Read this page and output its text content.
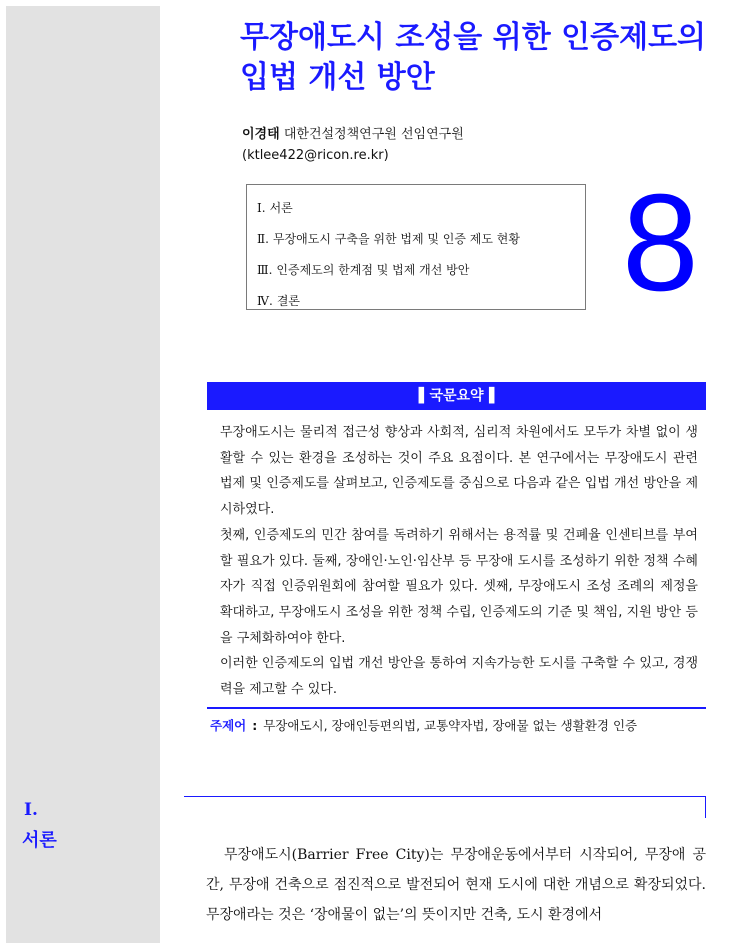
Ⅰ.
서론
무장애도시 조성을 위한 인증제도의 입법 개선 방안
이경태 대한건설정책연구원 선임연구원
(ktlee422@ricon.re.kr)
Ⅰ. 서론
Ⅱ. 무장애도시 구축을 위한 법제 및 인증 제도 현황
Ⅲ. 인증제도의 한계점 및 법제 개선 방안
Ⅳ. 결론	8
▌국문요약▐

무장애도시는 물리적 접근성 향상과 사회적, 심리적 차원에서도 모두가 차별 없이 생활할 수 있는 환경을 조성하는 것이 주요 요점이다. 본 연구에서는 무장애도시 관련 법제 및 인증제도를 살펴보고, 인증제도를 중심으로 다음과 같은 입법 개선 방안을 제시하였다.

첫째, 인증제도의 민간 참여를 독려하기 위해서는 용적률 및 건폐율 인센티브를 부여할 필요가 있다. 둘째, 장애인·노인·임산부 등 무장애 도시를 조성하기 위한 정책 수혜자가 직접 인증위원회에 참여할 필요가 있다. 셋째, 무장애도시 조성 조례의 제정을 확대하고, 무장애도시 조성을 위한 정책 수립, 인증제도의 기준 및 책임, 지원 방안 등을 구체화하여야 한다.

이러한 인증제도의 입법 개선 방안을 통하여 지속가능한 도시를 구축할 수 있고, 경쟁력을 제고할 수 있다.

주제어 : 무장애도시, 장애인등편의법, 교통약자법, 장애물 없는 생활환경 인증

무장애도시(Barrier Free City)는 무장애운동에서부터 시작되어, 무장애 공간, 무장애 건축으로 점진적으로 발전되어 현재 도시에 대한 개념으로 확장되었다. 무장애라는 것은 ‘장애물이 없는’의 뜻이지만 건축, 도시 환경에서
